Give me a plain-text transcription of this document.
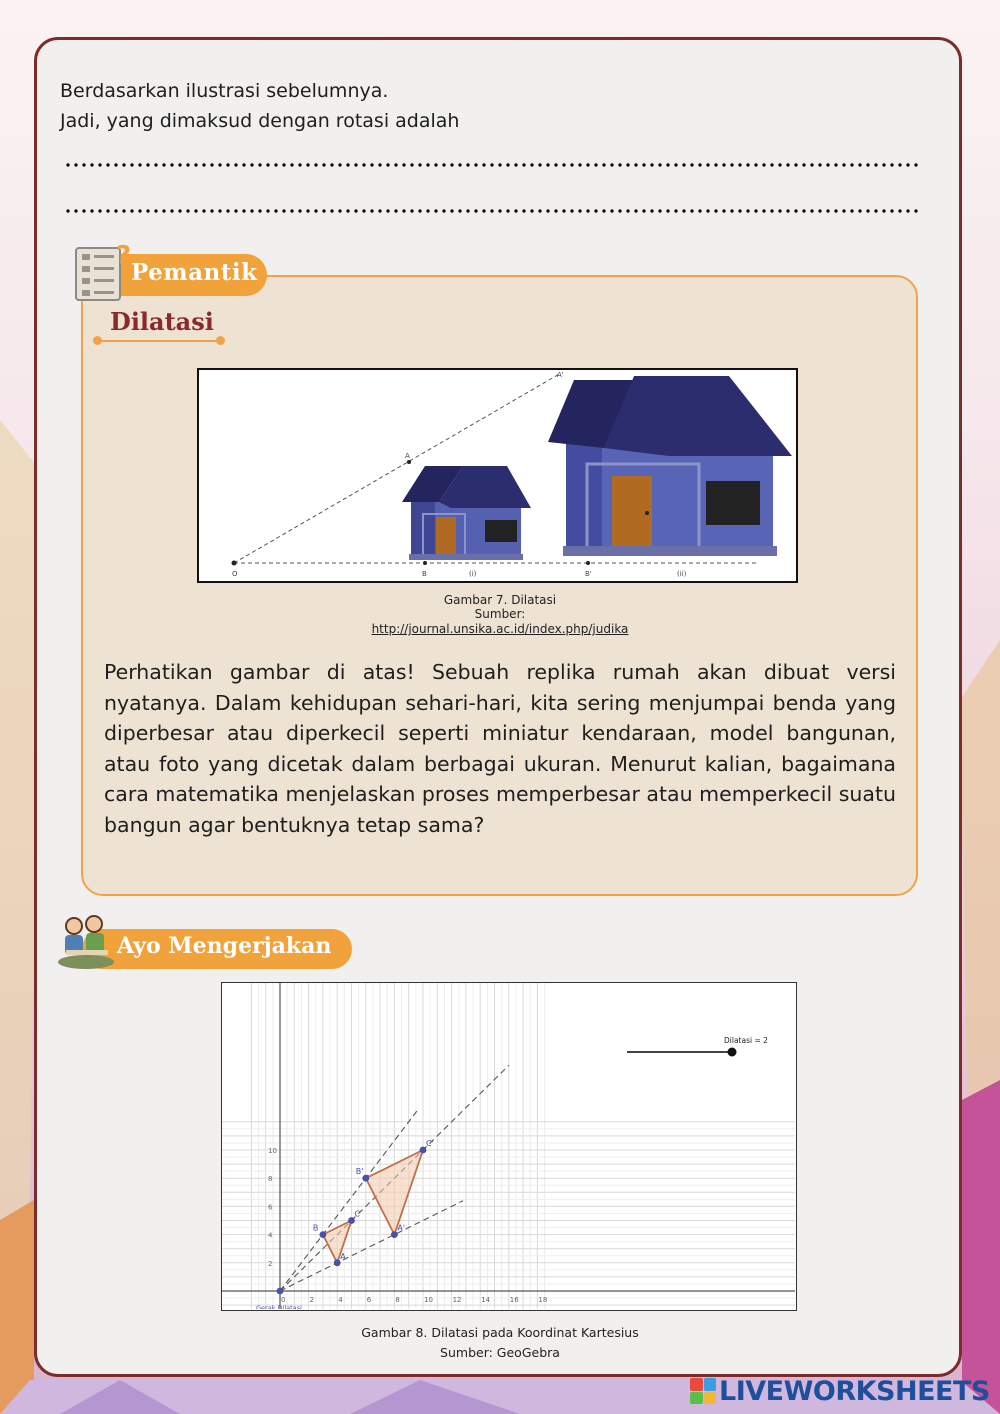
Berdasarkan ilustrasi sebelumnya.
Jadi, yang dimaksud dengan rotasi adalah
?
Pemantik
Dilatasi
A'
A
O	B	(i)	B'	(ii)
Gambar 7. Dilatasi
Sumber:
http://journal.unsika.ac.id/index.php/judika
Perhatikan gambar di atas! Sebuah replika rumah akan dibuat versi nyatanya. Dalam kehidupan sehari-hari, kita sering menjumpai benda yang diperbesar atau diperkecil seperti miniatur kendaraan, model bangunan, atau foto yang dicetak dalam berbagai ukuran. Menurut kalian, bagaimana cara matematika menjelaskan proses memperbesar atau memperkecil suatu bangun agar bentuknya tetap sama?
Ayo Mengerjakan
0	2	4	6	8	10	12	14	16	18
2
4
6
8
10
A
B
C
A'
B'
C'
Gerak Dilatasi
Dilatasi = 2
Gambar 8. Dilatasi pada Koordinat Kartesius
Sumber: GeoGebra
LIVEWORKSHEETS
